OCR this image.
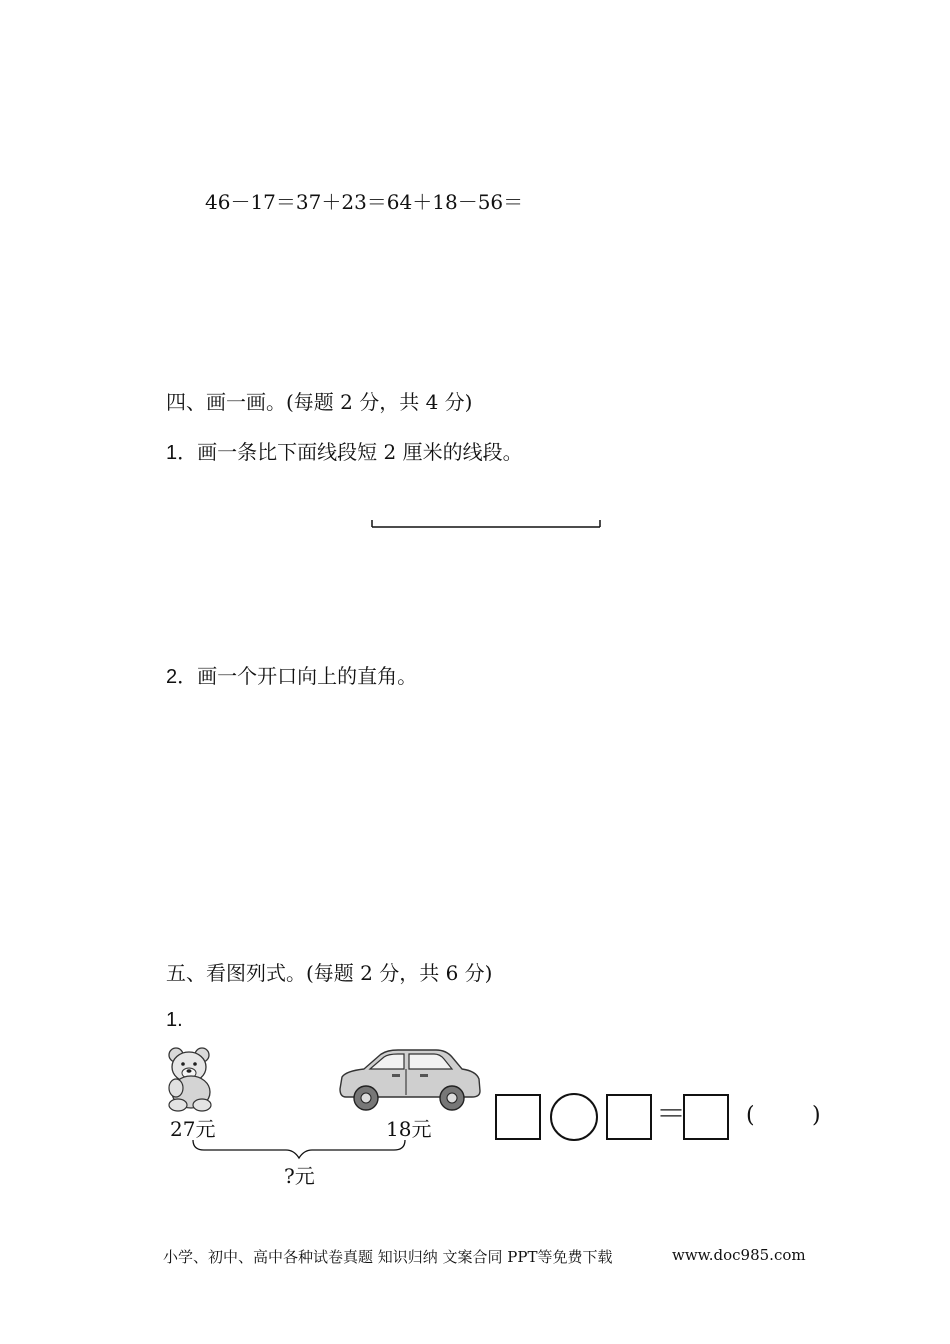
46－17＝37＋23＝64＋18－56＝
四、画一画。(每题 2 分，共 4 分)
1．画一条比下面线段短 2 厘米的线段。
2．画一个开口向上的直角。
五、看图列式。(每题 2 分，共 6 分)
1.
27元	18元
?元
＝	(	)
小学、初中、高中各种试卷真题 知识归纳 文案合同 PPT等免费下载	www.doc985.com
